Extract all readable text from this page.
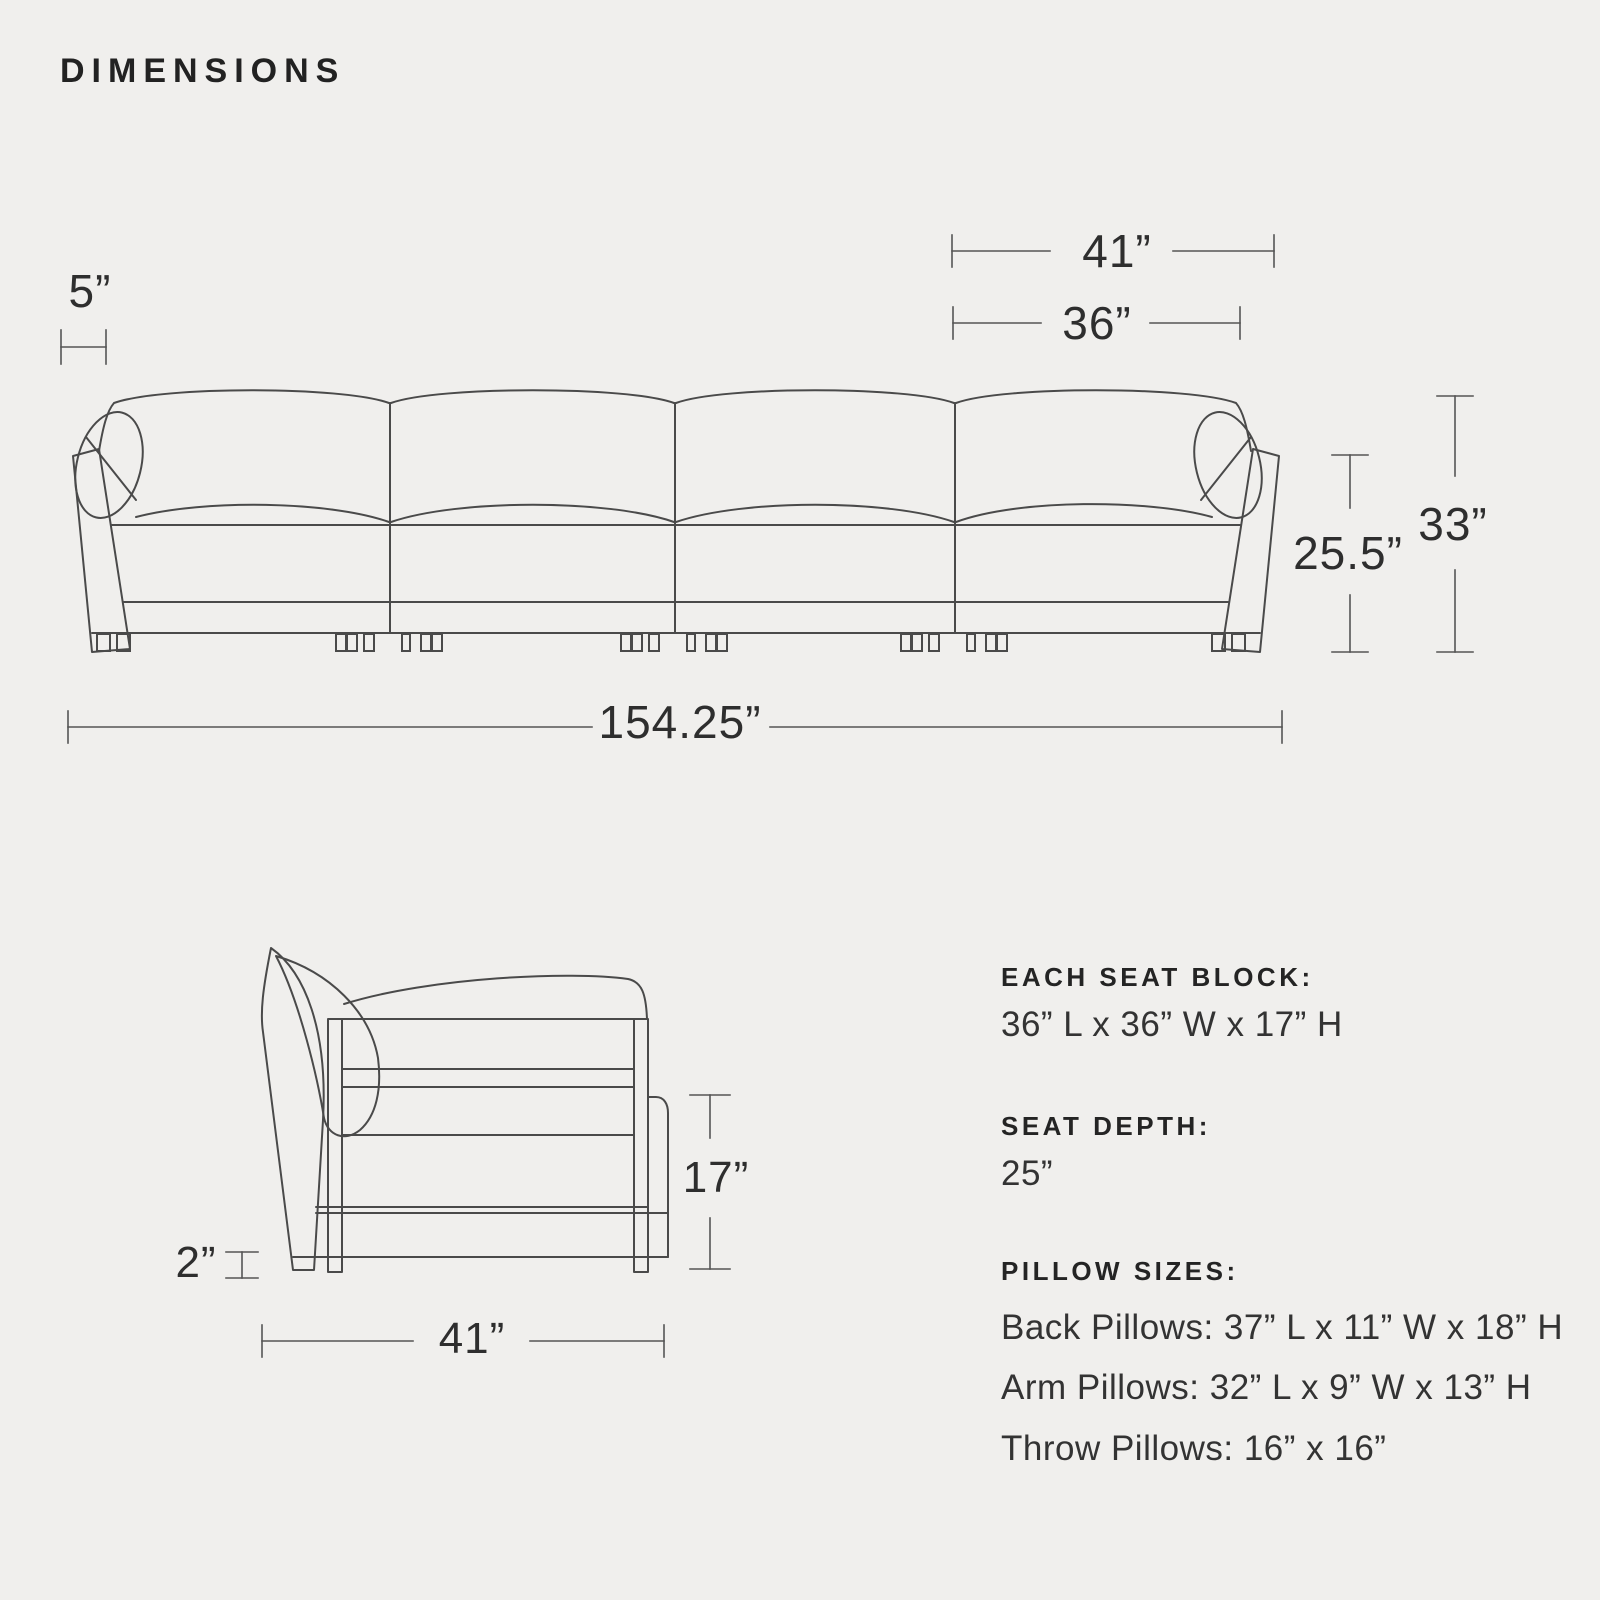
DIMENSIONS
5”
41”
36”
25.5”
33”
154.25”
2”
17”
41”
EACH SEAT BLOCK:
36” L x 36” W x 17” H
SEAT DEPTH:
25”
PILLOW SIZES:
Back Pillows: 37” L x 11” W x 18” H
Arm Pillows: 32” L x 9” W x 13” H
Throw Pillows: 16” x 16”
